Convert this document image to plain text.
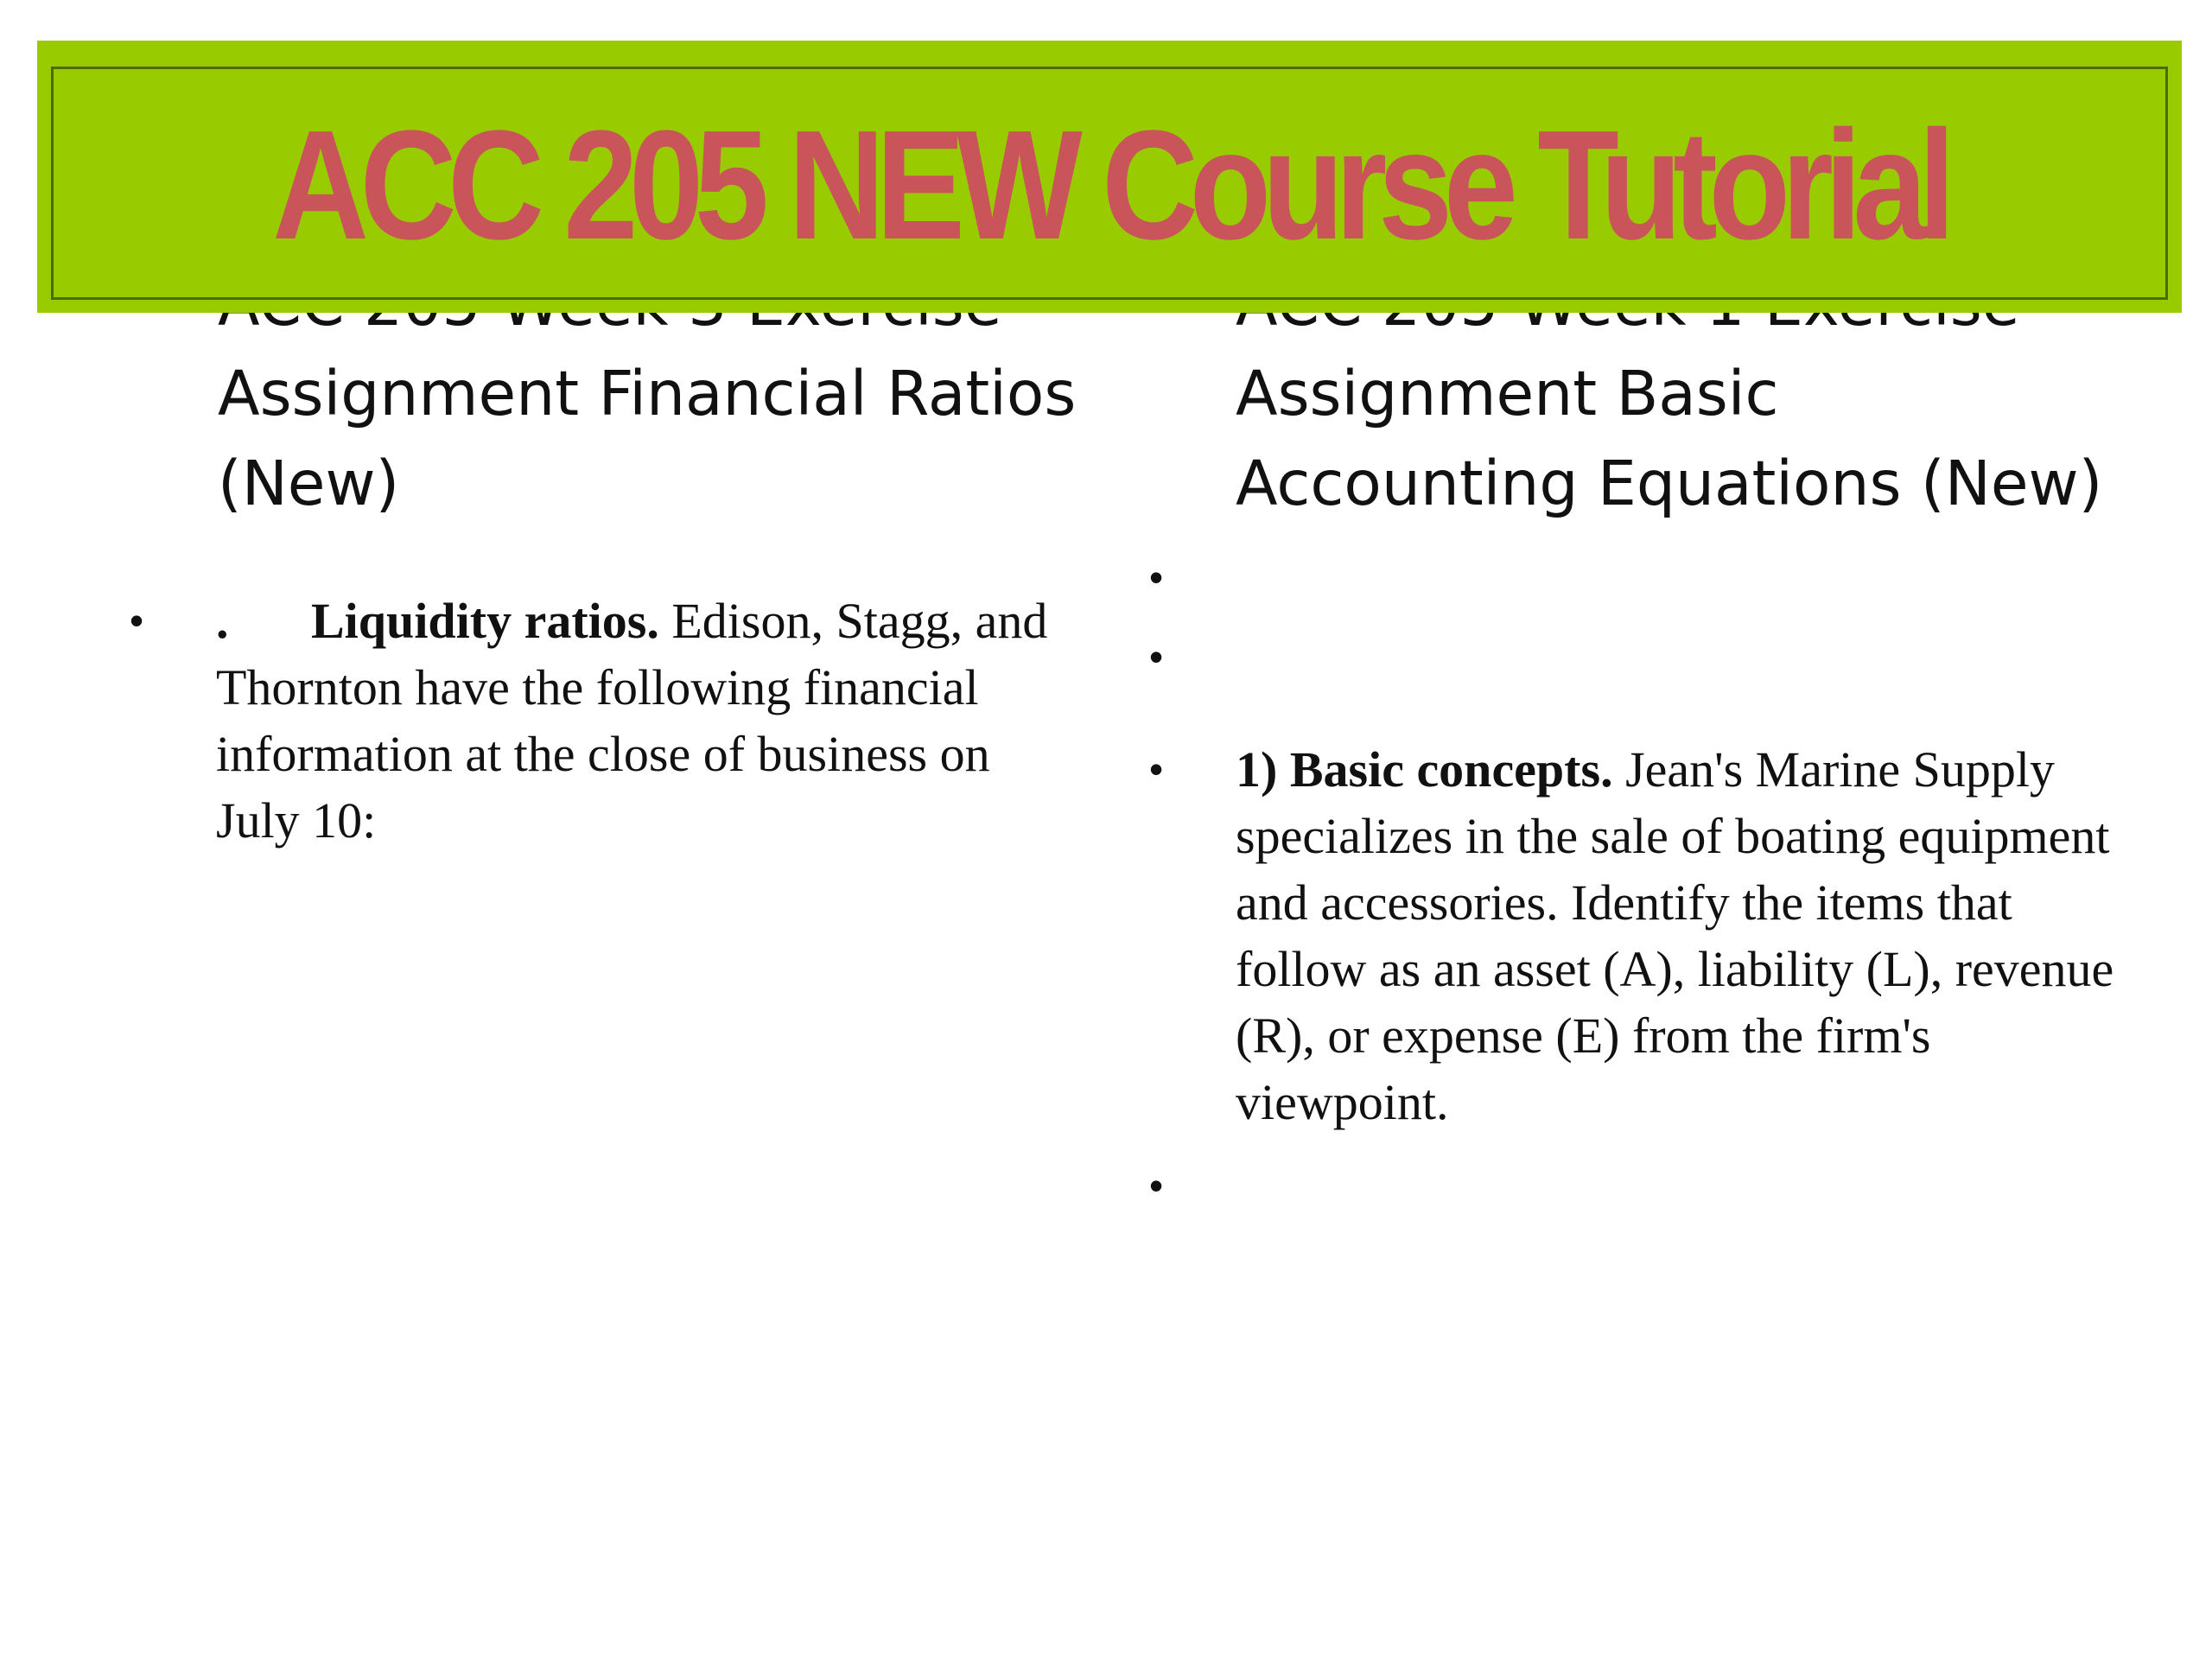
Assignment Financial Ratios
(New)
Assignment Basic
Accounting Equations (New)
ACC 205 NEW Course Tutorial
•	. Liquidity ratios. Edison, Stagg, and Thornton have the following financial information at the close of business on July 10:
•
•
•	1) Basic concepts. Jean's Marine Supply specializes in the sale of boating equipment and accessories. Identify the items that follow as an asset (A), liability (L), revenue (R), or expense (E) from the firm's viewpoint.
•
